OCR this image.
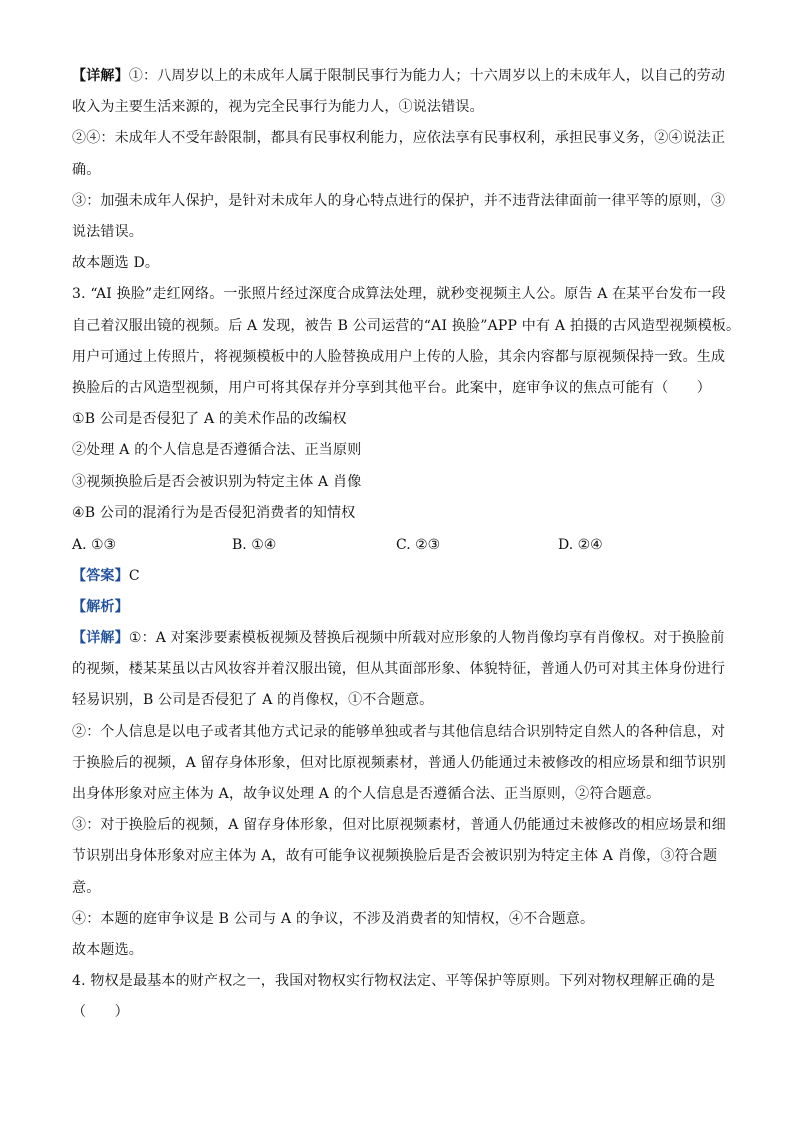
【详解】①：八周岁以上的未成年人属于限制民事行为能力人；十六周岁以上的未成年人，以自己的劳动
收入为主要生活来源的，视为完全民事行为能力人，①说法错误。
②④：未成年人不受年龄限制，都具有民事权利能力，应依法享有民事权利，承担民事义务，②④说法正
确。
③：加强未成年人保护，是针对未成年人的身心特点进行的保护，并不违背法律面前一律平等的原则，③
说法错误。
故本题选 D。
3. “AI 换脸”走红网络。一张照片经过深度合成算法处理，就秒变视频主人公。原告 A 在某平台发布一段
自己着汉服出镜的视频。后 A 发现，被告 B 公司运营的“AI 换脸”APP 中有 A 拍摄的古风造型视频模板。
用户可通过上传照片，将视频模板中的人脸替换成用户上传的人脸，其余内容都与原视频保持一致。生成
换脸后的古风造型视频，用户可将其保存并分享到其他平台。此案中，庭审争议的焦点可能有（　　）
①B 公司是否侵犯了 A 的美术作品的改编权
②处理 A 的个人信息是否遵循合法、正当原则
③视频换脸后是否会被识别为特定主体 A 肖像
④B 公司的混淆行为是否侵犯消费者的知情权
A. ①③	B. ①④	C. ②③	D. ②④
【答案】C
【解析】
【详解】①：A 对案涉要素模板视频及替换后视频中所载对应形象的人物肖像均享有肖像权。对于换脸前
的视频，楼某某虽以古风妆容并着汉服出镜，但从其面部形象、体貌特征，普通人仍可对其主体身份进行
轻易识别，B 公司是否侵犯了 A 的肖像权，①不合题意。
②：个人信息是以电子或者其他方式记录的能够单独或者与其他信息结合识别特定自然人的各种信息，对
于换脸后的视频，A 留存身体形象，但对比原视频素材，普通人仍能通过未被修改的相应场景和细节识别
出身体形象对应主体为 A，故争议处理 A 的个人信息是否遵循合法、正当原则，②符合题意。
③：对于换脸后的视频，A 留存身体形象，但对比原视频素材，普通人仍能通过未被修改的相应场景和细
节识别出身体形象对应主体为 A，故有可能争议视频换脸后是否会被识别为特定主体 A 肖像，③符合题
意。
④：本题的庭审争议是 B 公司与 A 的争议，不涉及消费者的知情权，④不合题意。
故本题选。
4. 物权是最基本的财产权之一，我国对物权实行物权法定、平等保护等原则。下列对物权理解正确的是
（　　）
